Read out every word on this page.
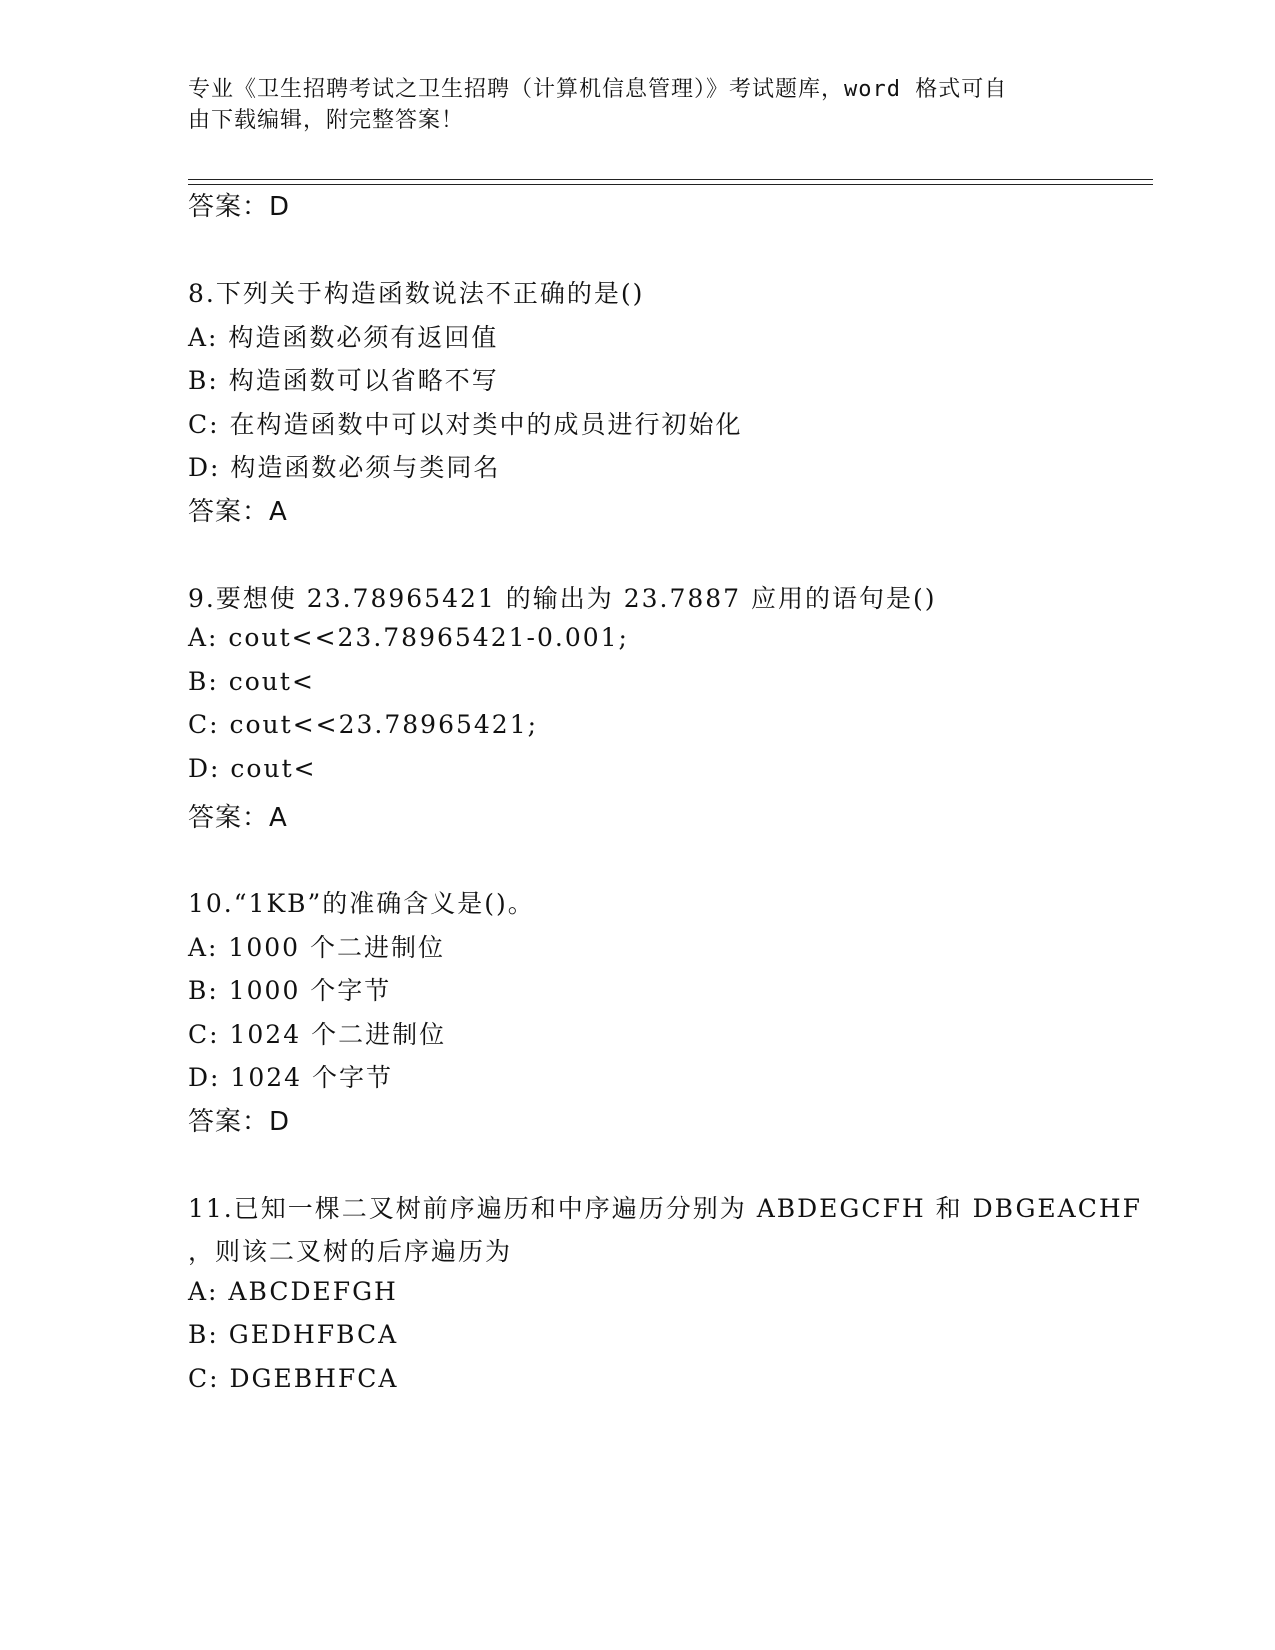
专业《卫生招聘考试之卫生招聘（计算机信息管理）》考试题库，word 格式可自
由下载编辑，附完整答案！
答案：D
8.下列关于构造函数说法不正确的是()
A: 构造函数必须有返回值
B: 构造函数可以省略不写
C: 在构造函数中可以对类中的成员进行初始化
D: 构造函数必须与类同名
答案：A
9.要想使 23.78965421 的输出为 23.7887 应用的语句是()
A: cout<<23.78965421-0.001;
B: cout<
C: cout<<23.78965421;
D: cout<
答案：A
10.“1KB”的准确含义是()。
A: 1000 个二进制位
B: 1000 个字节
C: 1024 个二进制位
D: 1024 个字节
答案：D
11.已知一棵二叉树前序遍历和中序遍历分别为 ABDEGCFH 和 DBGEACHF
，则该二叉树的后序遍历为
A: ABCDEFGH
B: GEDHFBCA
C: DGEBHFCA
